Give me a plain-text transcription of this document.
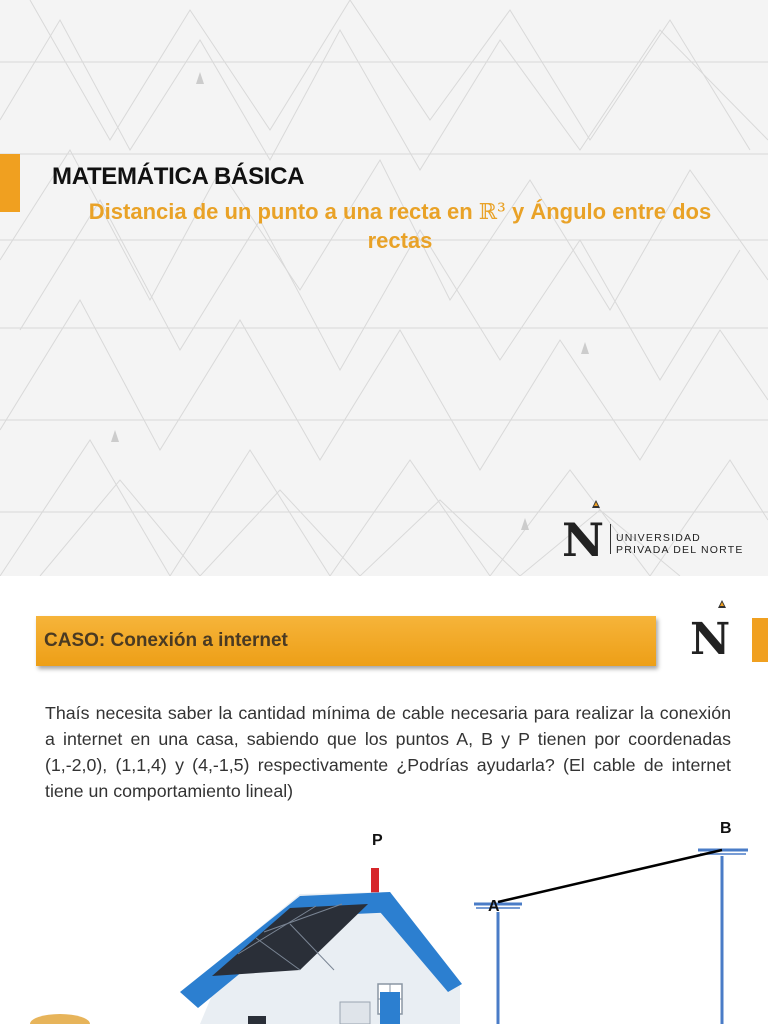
MATEMÁTICA BÁSICA

Distancia de un punto a una recta en ℝ³ y Ángulo entre dos rectas

N UNIVERSIDAD
PRIVADA DEL NORTE
CASO: Conexión a internet	N

Thaís necesita saber la cantidad mínima de cable necesaria para realizar la conexión a internet en una casa, sabiendo que los puntos A, B y P tienen por coordenadas (1,-2,0), (1,1,4) y (4,-1,5) respectivamente ¿Podrías ayudarla? (El cable de internet tiene un comportamiento lineal)

P
A
B
